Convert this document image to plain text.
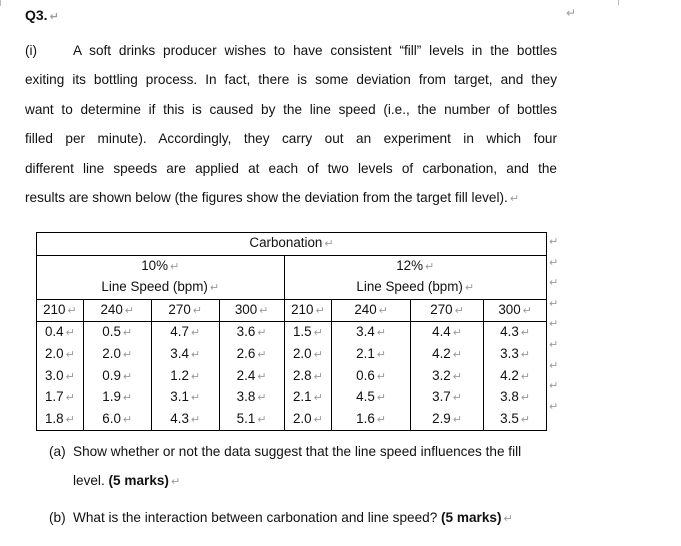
Q3. ↵	↵
(i)	A soft drinks producer wishes to have consistent “fill” levels in the bottles
exiting its bottling process. In fact, there is some deviation from target, and they
want to determine if this is caused by the line speed (i.e., the number of bottles
filled per minute). Accordingly, they carry out an experiment in which four
different line speeds are applied at each of two levels of carbonation, and the
results are shown below (the figures show the deviation from the target fill level). ↵
Carbonation ↵							
10% ↵				12% ↵			
Line Speed (bpm) ↵				Line Speed (bpm) ↵			
210 ↵	240 ↵	270 ↵	300 ↵	210 ↵	240 ↵	270 ↵	300 ↵
0.4 ↵	0.5 ↵	4.7 ↵	3.6 ↵	1.5 ↵	3.4 ↵	4.4 ↵	4.3 ↵
2.0 ↵	2.0 ↵	3.4 ↵	2.6 ↵	2.0 ↵	2.1 ↵	4.2 ↵	3.3 ↵
3.0 ↵	0.9 ↵	1.2 ↵	2.4 ↵	2.8 ↵	0.6 ↵	3.2 ↵	4.2 ↵
1.7 ↵	1.9 ↵	3.1 ↵	3.8 ↵	2.1 ↵	4.5 ↵	3.7 ↵	3.8 ↵
1.8 ↵	6.0 ↵	4.3 ↵	5.1 ↵	2.0 ↵	1.6 ↵	2.9 ↵	3.5 ↵
↵
↵
↵
↵
↵
↵
↵
↵
↵
(a) Show whether or not the data suggest that the line speed influences the fill
level. (5 marks) ↵
(b) What is the interaction between carbonation and line speed? (5 marks) ↵
